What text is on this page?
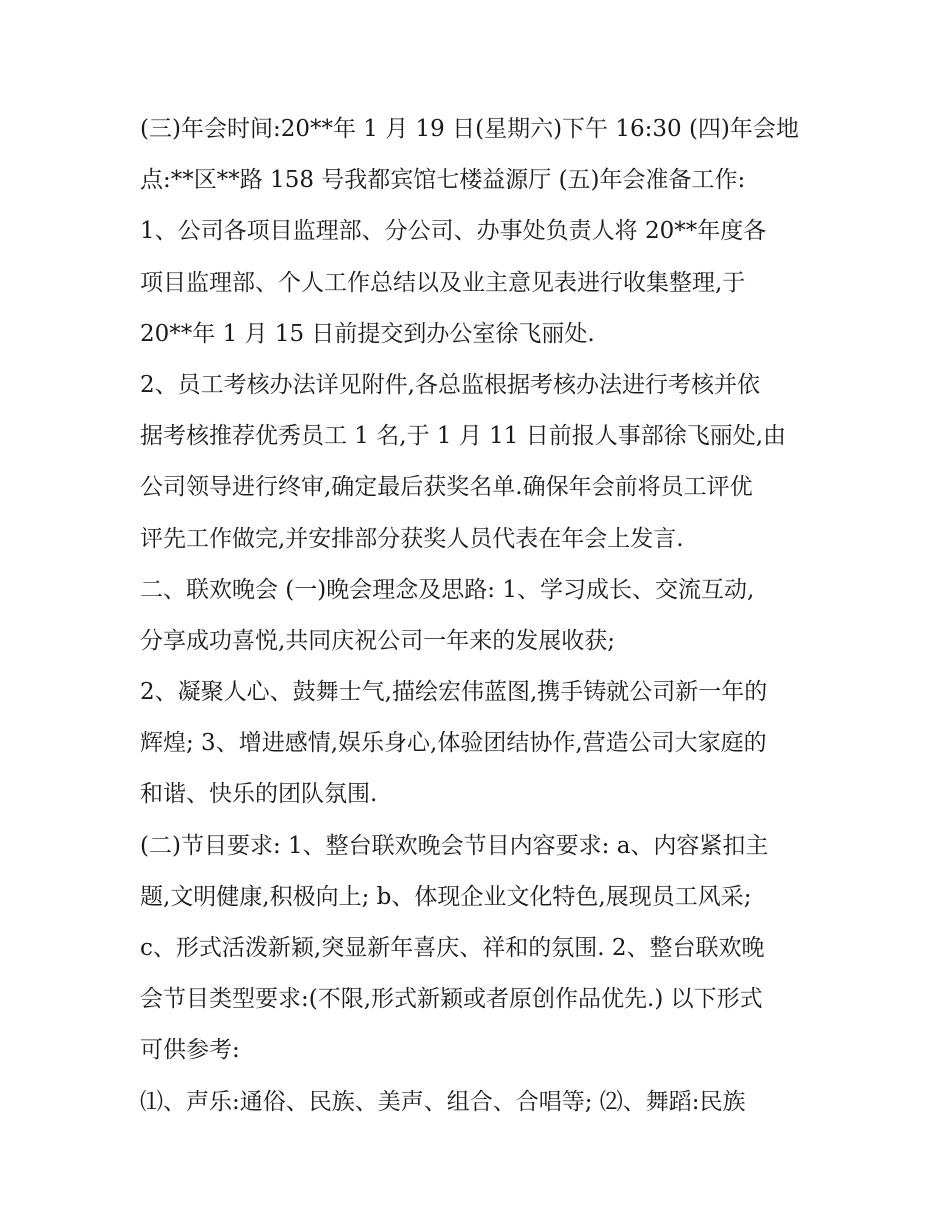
(三)年会时间:20**年 1 月 19 日(星期六)下午 16:30 (四)年会地
点:**区**路 158 号我都宾馆七楼益源厅 (五)年会准备工作:
1、公司各项目监理部、分公司、办事处负责人将 20**年度各
项目监理部、个人工作总结以及业主意见表进行收集整理,于
20**年 1 月 15 日前提交到办公室徐飞丽处.
2、员工考核办法详见附件,各总监根据考核办法进行考核并依
据考核推荐优秀员工 1 名,于 1 月 11 日前报人事部徐飞丽处,由
公司领导进行终审,确定最后获奖名单.确保年会前将员工评优
评先工作做完,并安排部分获奖人员代表在年会上发言.
二、联欢晚会 (一)晚会理念及思路: 1、学习成长、交流互动,
分享成功喜悦,共同庆祝公司一年来的发展收获;
2、凝聚人心、鼓舞士气,描绘宏伟蓝图,携手铸就公司新一年的
辉煌; 3、增进感情,娱乐身心,体验团结协作,营造公司大家庭的
和谐、快乐的团队氛围.
(二)节目要求: 1、整台联欢晚会节目内容要求: a、内容紧扣主
题,文明健康,积极向上; b、体现企业文化特色,展现员工风采;
c、形式活泼新颖,突显新年喜庆、祥和的氛围. 2、整台联欢晚
会节目类型要求:(不限,形式新颖或者原创作品优先.) 以下形式
可供参考:
⑴、声乐:通俗、民族、美声、组合、合唱等; ⑵、舞蹈:民族
